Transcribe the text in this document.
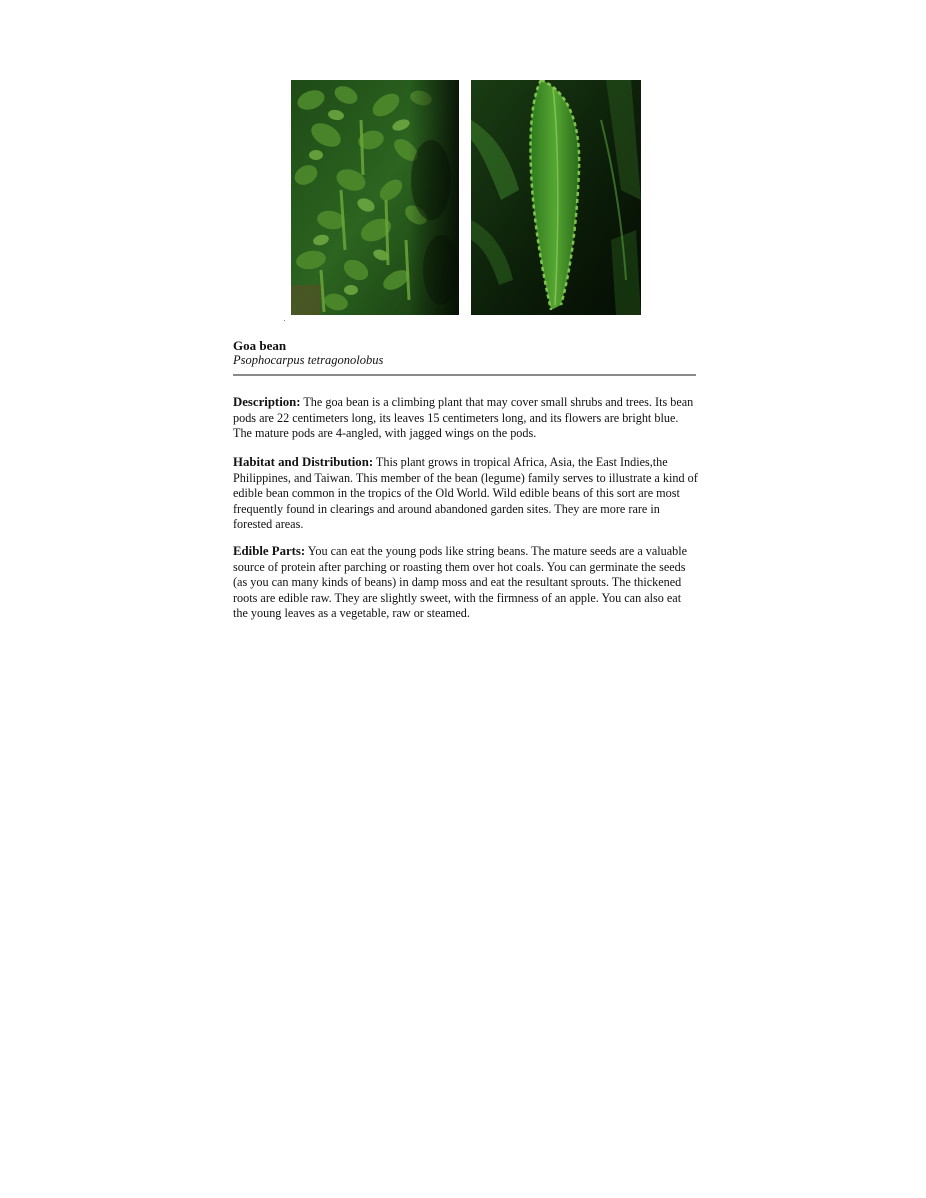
Goa bean

Psophocarpus tetragonolobus

Description: The goa bean is a climbing plant that may cover small shrubs and trees. Its bean pods are 22 centimeters long, its leaves 15 centimeters long, and its flowers are bright blue. The mature pods are 4-angled, with jagged wings on the pods.

Habitat and Distribution: This plant grows in tropical Africa, Asia, the East Indies,the Philippines, and Taiwan. This member of the bean (legume) family serves to illustrate a kind of edible bean common in the tropics of the Old World. Wild edible beans of this sort are most frequently found in clearings and around abandoned garden sites. They are more rare in forested areas.

Edible Parts: You can eat the young pods like string beans. The mature seeds are a valuable source of protein after parching or roasting them over hot coals. You can germinate the seeds (as you can many kinds of beans) in damp moss and eat the resultant sprouts. The thickened roots are edible raw. They are slightly sweet, with the firmness of an apple. You can also eat the young leaves as a vegetable, raw or steamed.
